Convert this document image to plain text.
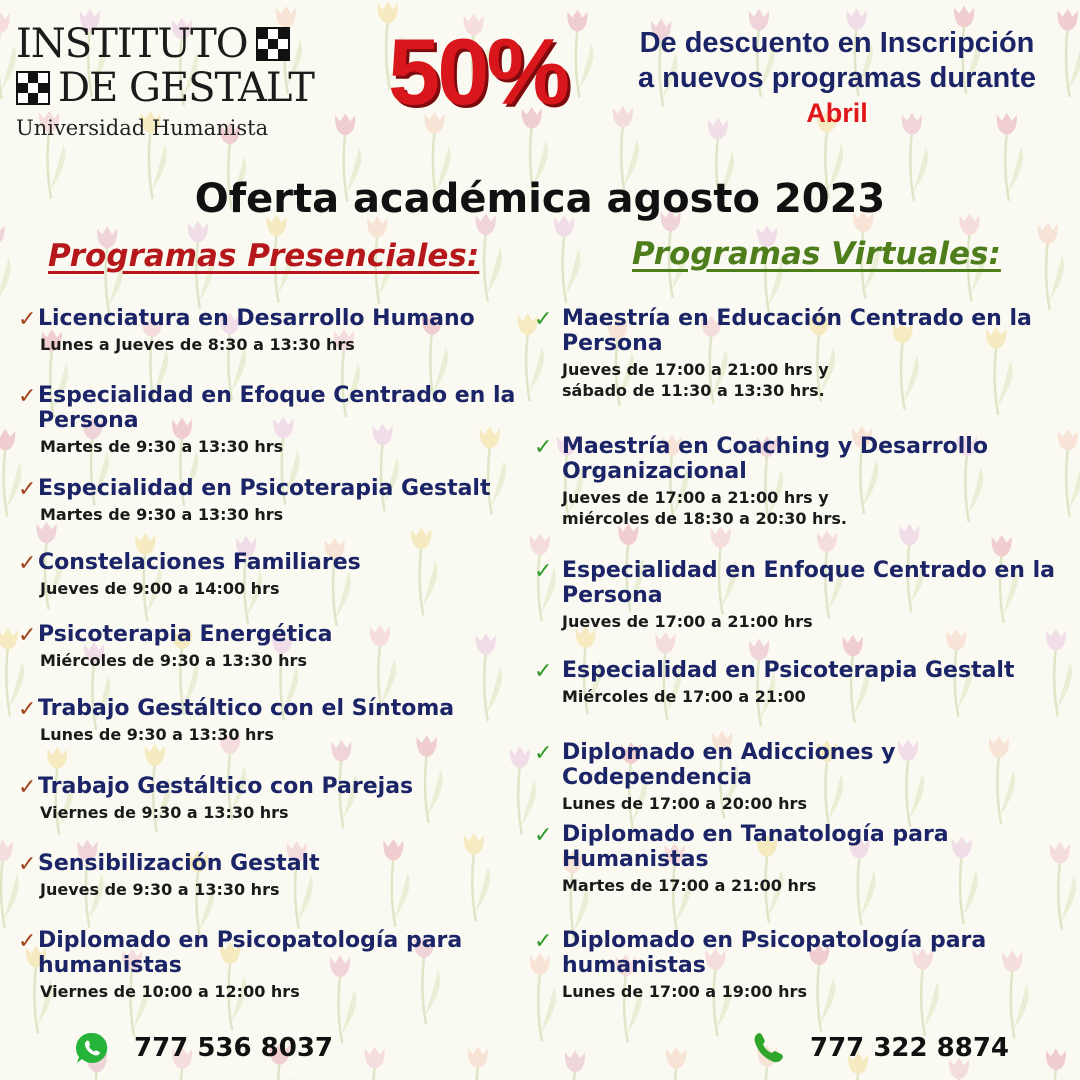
INSTITUTO
DE GESTALT
Universidad Humanista
50%	De descuento en Inscripción
a nuevos programas durante
Abril
Oferta académica agosto 2023
Programas Presenciales:	Programas Virtuales:
✓ Licenciatura en Desarrollo Humano
Lunes a Jueves de 8:30 a 13:30 hrs
✓ Especialidad en Efoque Centrado en la Persona
Martes de 9:30 a 13:30 hrs
✓ Especialidad en Psicoterapia Gestalt
Martes de 9:30 a 13:30 hrs
✓ Constelaciones Familiares
Jueves de 9:00 a 14:00 hrs
✓ Psicoterapia Energética
Miércoles de 9:30 a 13:30 hrs
✓ Trabajo Gestáltico con el Síntoma
Lunes de 9:30 a 13:30 hrs
✓ Trabajo Gestáltico con Parejas
Viernes de 9:30 a 13:30 hrs
✓ Sensibilización Gestalt
Jueves de 9:30 a 13:30 hrs
✓ Diplomado en Psicopatología para humanistas
Viernes de 10:00 a 12:00 hrs
✓ Maestría en Educación Centrado en la Persona
Jueves de 17:00 a 21:00 hrs y
sábado de 11:30 a 13:30 hrs.
✓ Maestría en Coaching y Desarrollo Organizacional
Jueves de 17:00 a 21:00 hrs y
miércoles de 18:30 a 20:30 hrs.
✓ Especialidad en Enfoque Centrado en la Persona
Jueves de 17:00 a 21:00 hrs
✓ Especialidad en Psicoterapia Gestalt
Miércoles de 17:00 a 21:00
✓ Diplomado en Adicciones y Codependencia
Lunes de 17:00 a 20:00 hrs
✓ Diplomado en Tanatología para Humanistas
Martes de 17:00 a 21:00 hrs
✓ Diplomado en Psicopatología para humanistas
Lunes de 17:00 a 19:00 hrs
777 536 8037	777 322 8874
